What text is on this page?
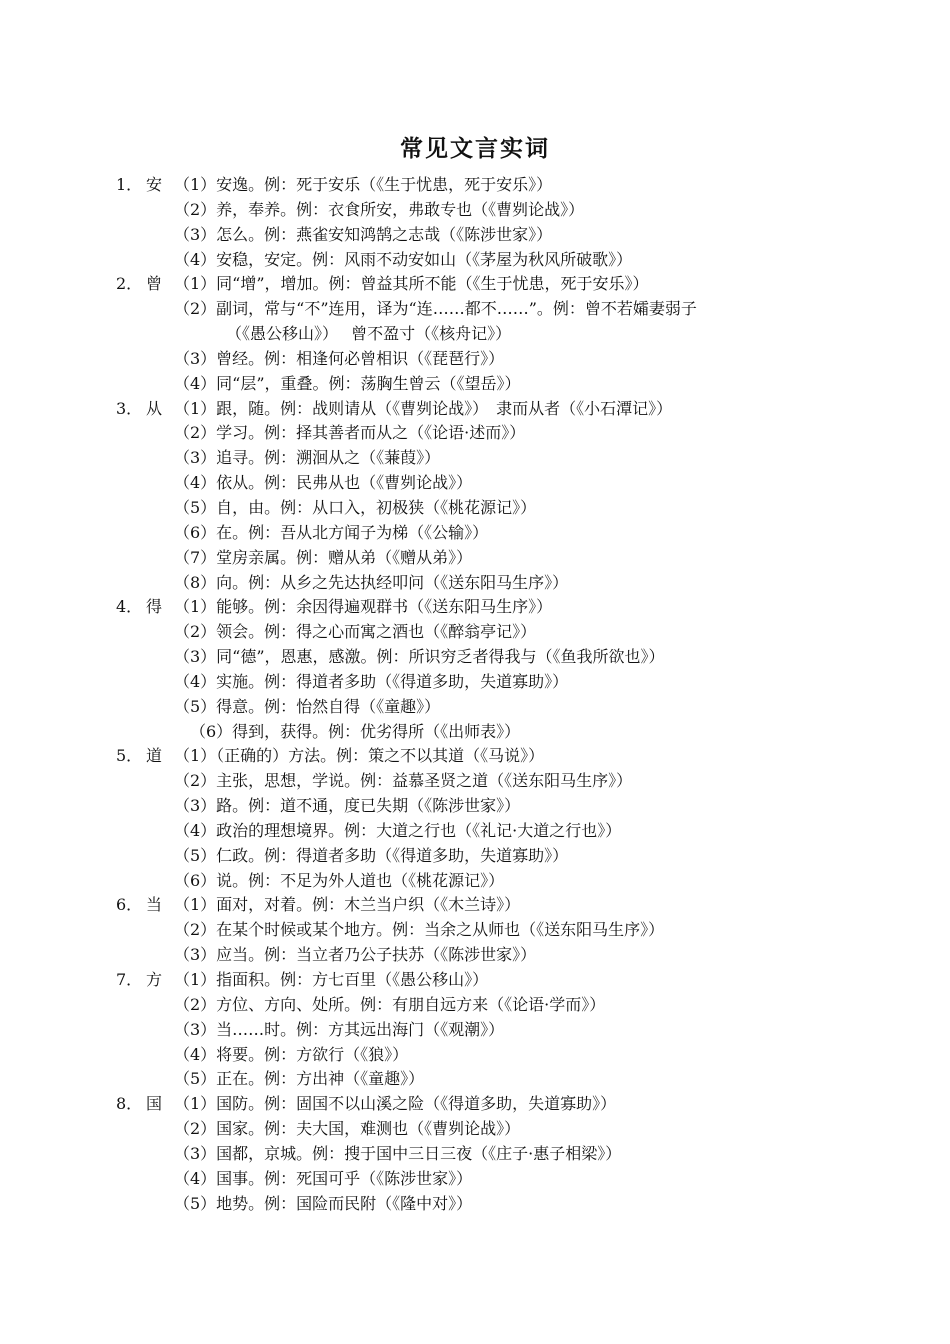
常见文言实词
1． 安 （1）安逸。例：死于安乐（《生于忧患，死于安乐》）
（2）养，奉养。例：衣食所安，弗敢专也（《曹刿论战》）
（3）怎么。例：燕雀安知鸿鹄之志哉（《陈涉世家》）
（4）安稳，安定。例：风雨不动安如山（《茅屋为秋风所破歌》）
2． 曾 （1）同“增”，增加。例：曾益其所不能（《生于忧患，死于安乐》）
（2）副词，常与“不”连用，译为“连……都不……”。例：曾不若孀妻弱子
（《愚公移山》）　 曾不盈寸（《核舟记》）
（3）曾经。例：相逢何必曾相识（《琵琶行》）
（4）同“层”，重叠。例：荡胸生曾云（《望岳》）
3． 从 （1）跟，随。例：战则请从（《曹刿论战》）　隶而从者（《小石潭记》）
（2）学习。例：择其善者而从之（《论语·述而》）
（3）追寻。例：溯洄从之（《蒹葭》）
（4）依从。例：民弗从也（《曹刿论战》）
（5）自，由。例：从口入，初极狭（《桃花源记》）
（6）在。例：吾从北方闻子为梯（《公输》）
（7）堂房亲属。例：赠从弟（《赠从弟》）
（8）向。例：从乡之先达执经叩问（《送东阳马生序》）
4． 得 （1）能够。例：余因得遍观群书（《送东阳马生序》）
（2）领会。例：得之心而寓之酒也（《醉翁亭记》）
（3）同“德”，恩惠，感激。例：所识穷乏者得我与（《鱼我所欲也》）
（4）实施。例：得道者多助（《得道多助，失道寡助》）
（5）得意。例：怡然自得（《童趣》）
（6）得到，获得。例：优劣得所（《出师表》）
5． 道 （1）（正确的）方法。例：策之不以其道（《马说》）
（2）主张，思想，学说。例：益慕圣贤之道（《送东阳马生序》）
（3）路。例：道不通，度已失期（《陈涉世家》）
（4）政治的理想境界。例：大道之行也（《礼记·大道之行也》）
（5）仁政。例：得道者多助（《得道多助，失道寡助》）
（6）说。例：不足为外人道也（《桃花源记》）
6． 当 （1）面对，对着。例：木兰当户织（《木兰诗》）
（2）在某个时候或某个地方。例：当余之从师也（《送东阳马生序》）
（3）应当。例：当立者乃公子扶苏（《陈涉世家》）
7． 方 （1）指面积。例：方七百里（《愚公移山》）
（2）方位、方向、处所。例：有朋自远方来（《论语·学而》）
（3）当……时。例：方其远出海门（《观潮》）
（4）将要。例：方欲行（《狼》）
（5）正在。例：方出神（《童趣》）
8． 国 （1）国防。例：固国不以山溪之险（《得道多助，失道寡助》）
（2）国家。例：夫大国，难测也（《曹刿论战》）
（3）国都，京城。例：搜于国中三日三夜（《庄子·惠子相梁》）
（4）国事。例：死国可乎（《陈涉世家》）
（5）地势。例：国险而民附（《隆中对》）
